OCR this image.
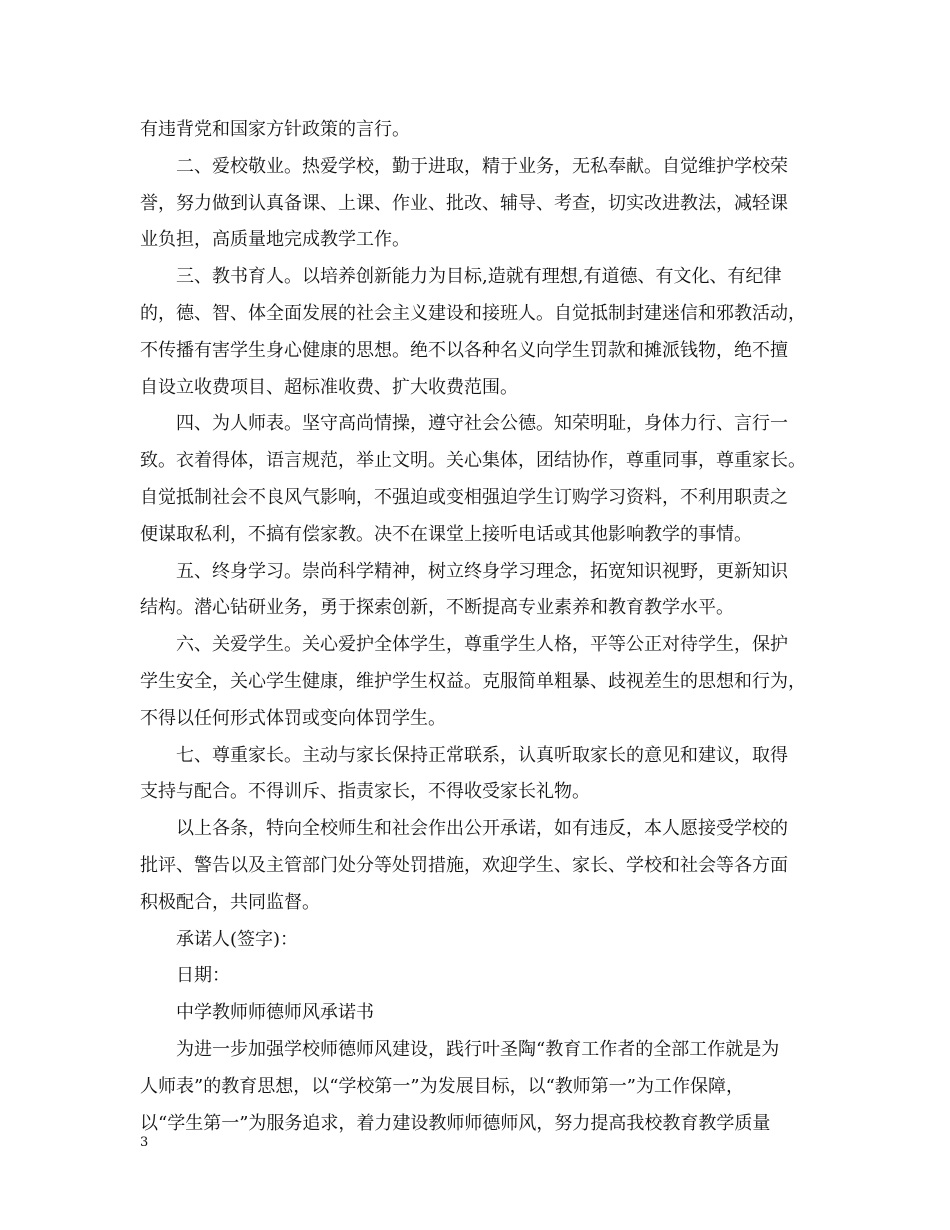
有违背党和国家方针政策的言行。
二、爱校敬业。热爱学校，勤于进取，精于业务，无私奉献。自觉维护学校荣
誉，努力做到认真备课、上课、作业、批改、辅导、考查，切实改进教法，减轻课
业负担，高质量地完成教学工作。
三、教书育人。以培养创新能力为目标,造就有理想,有道德、有文化、有纪律
的，德、智、体全面发展的社会主义建设和接班人。自觉抵制封建迷信和邪教活动，
不传播有害学生身心健康的思想。绝不以各种名义向学生罚款和摊派钱物，绝不擅
自设立收费项目、超标准收费、扩大收费范围。
四、为人师表。坚守高尚情操，遵守社会公德。知荣明耻，身体力行、言行一
致。衣着得体，语言规范，举止文明。关心集体，团结协作，尊重同事，尊重家长。
自觉抵制社会不良风气影响，不强迫或变相强迫学生订购学习资料，不利用职责之
便谋取私利，不搞有偿家教。决不在课堂上接听电话或其他影响教学的事情。
五、终身学习。崇尚科学精神，树立终身学习理念，拓宽知识视野，更新知识
结构。潜心钻研业务，勇于探索创新，不断提高专业素养和教育教学水平。
六、关爱学生。关心爱护全体学生，尊重学生人格，平等公正对待学生，保护
学生安全，关心学生健康，维护学生权益。克服简单粗暴、歧视差生的思想和行为，
不得以任何形式体罚或变向体罚学生。
七、尊重家长。主动与家长保持正常联系，认真听取家长的意见和建议，取得
支持与配合。不得训斥、指责家长，不得收受家长礼物。
以上各条，特向全校师生和社会作出公开承诺，如有违反，本人愿接受学校的
批评、警告以及主管部门处分等处罚措施，欢迎学生、家长、学校和社会等各方面
积极配合，共同监督。
承诺人(签字)：
日期：
中学教师师德师风承诺书
为进一步加强学校师德师风建设，践行叶圣陶“教育工作者的全部工作就是为
人师表”的教育思想，以“学校第一”为发展目标，以“教师第一”为工作保障，
以“学生第一”为服务追求，着力建设教师师德师风，努力提高我校教育教学质量
3
